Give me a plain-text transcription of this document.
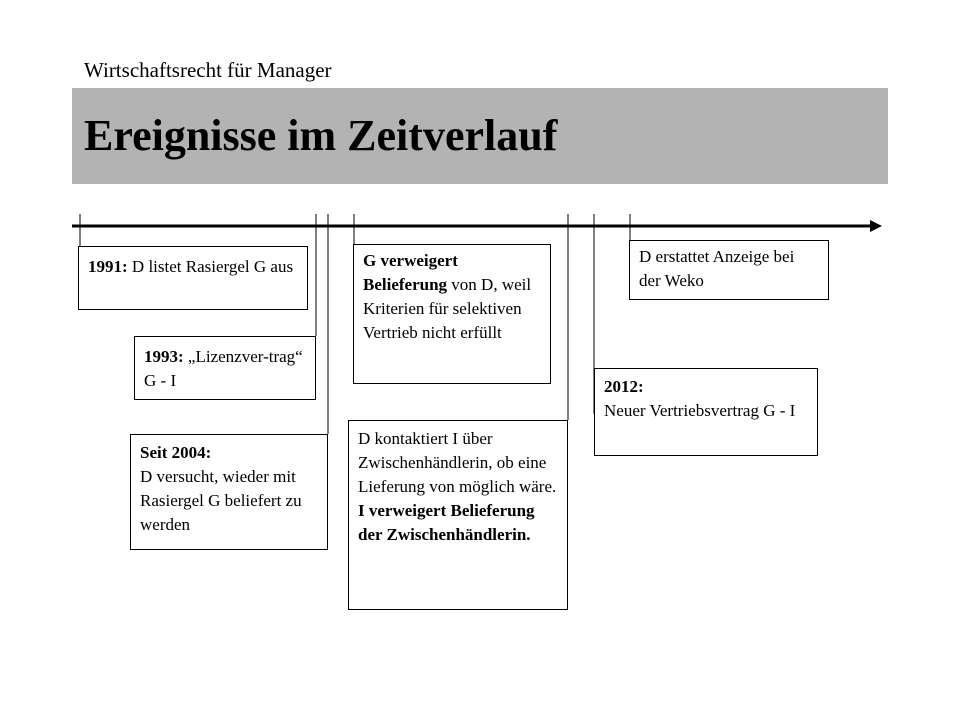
Wirtschaftsrecht für Manager
Ereignisse im Zeitverlauf
1991: D listet Rasiergel G aus
1993: „Lizenzver-trag“ G - I
Seit 2004:
D versucht, wieder mit Rasiergel G beliefert zu werden
G verweigert Belieferung von D, weil Kriterien für selektiven Vertrieb nicht erfüllt
D kontaktiert I über Zwischenhändlerin, ob eine Lieferung von möglich wäre.
I verweigert Belieferung der Zwischenhändlerin.
2012:
Neuer Vertriebsvertrag G - I
D erstattet Anzeige bei der Weko
